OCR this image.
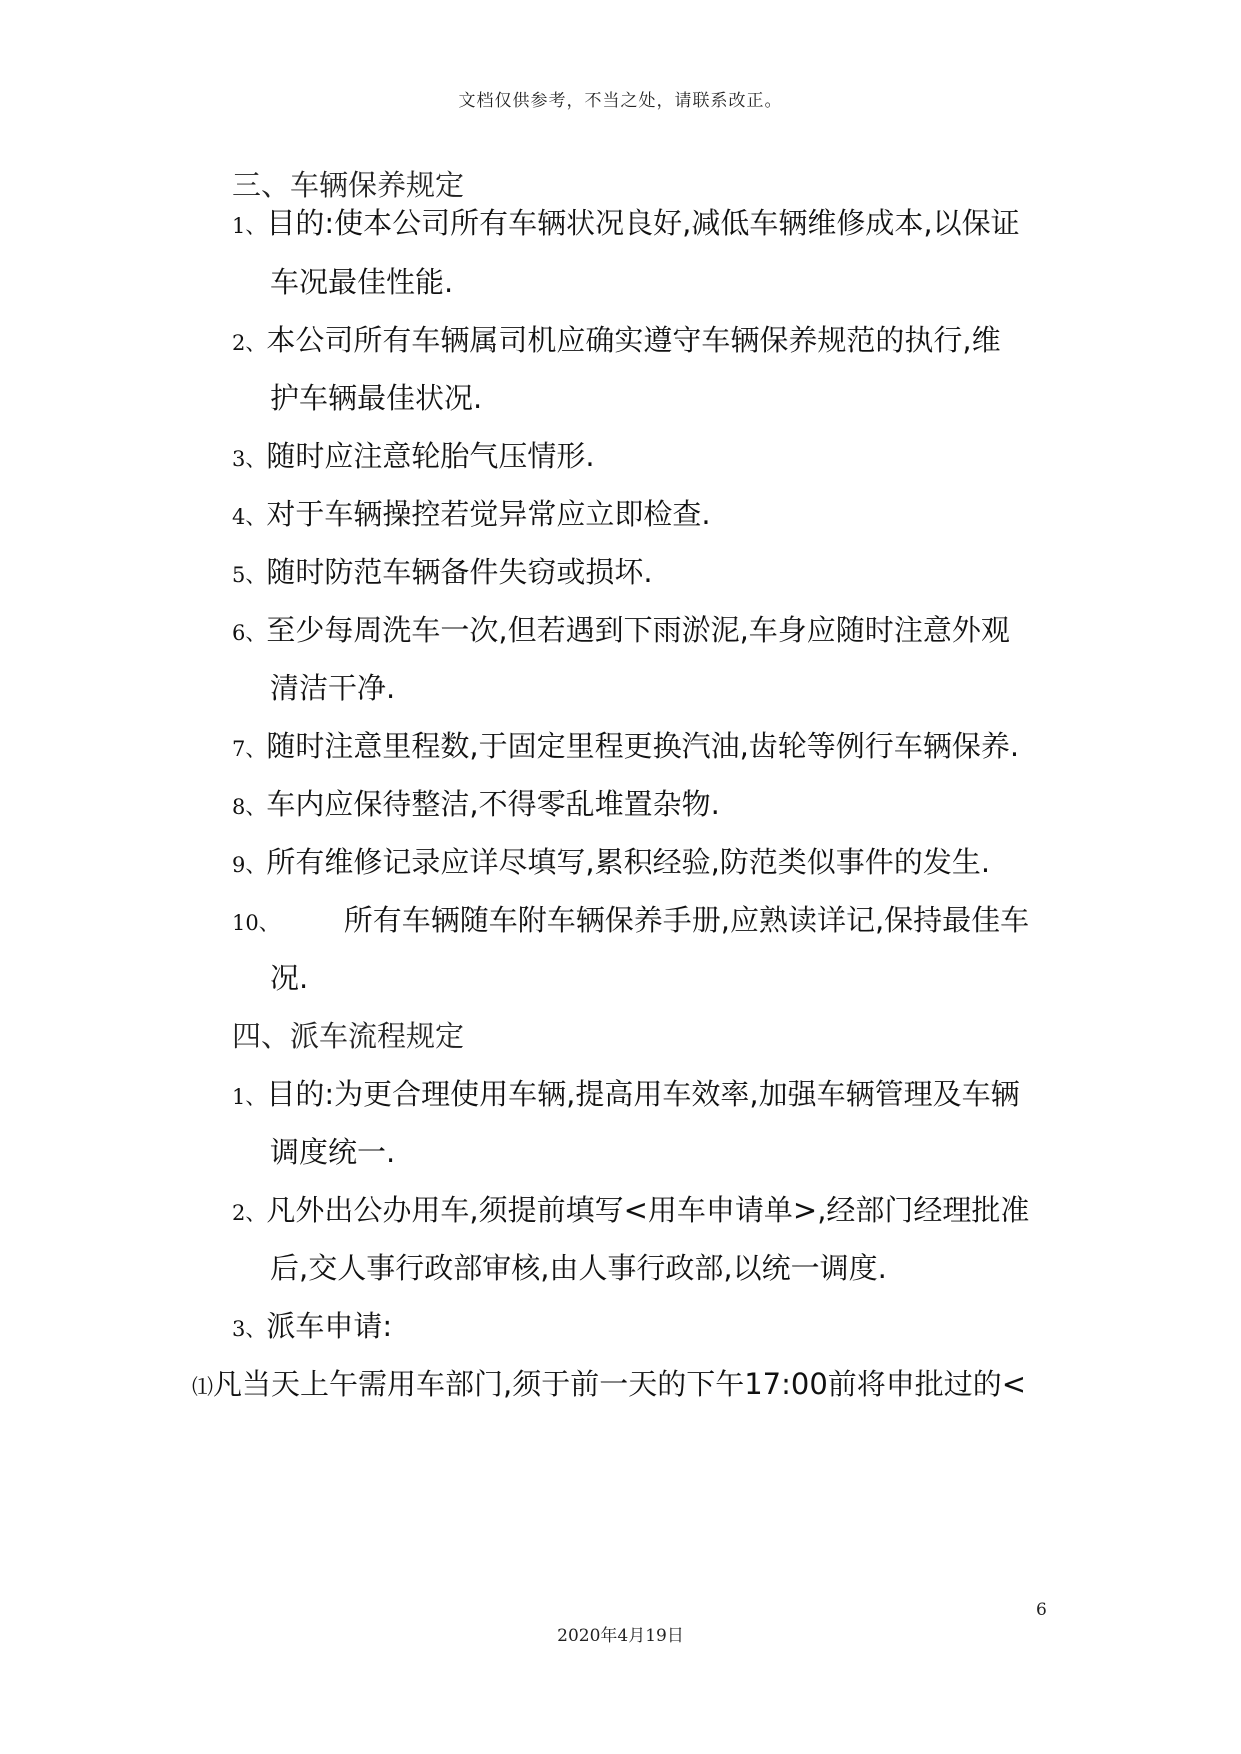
文档仅供参考，不当之处，请联系改正。
三、车辆保养规定
1、目的:使本公司所有车辆状况良好,减低车辆维修成本,以保证
车况最佳性能.
2、本公司所有车辆属司机应确实遵守车辆保养规范的执行,维
护车辆最佳状况.
3、随时应注意轮胎气压情形.
4、对于车辆操控若觉异常应立即检查.
5、随时防范车辆备件失窃或损坏.
6、至少每周洗车一次,但若遇到下雨淤泥,车身应随时注意外观
清洁干净.
7、随时注意里程数,于固定里程更换汽油,齿轮等例行车辆保养.
8、车内应保待整洁,不得零乱堆置杂物.
9、所有维修记录应详尽填写,累积经验,防范类似事件的发生.
10、 所有车辆随车附车辆保养手册,应熟读详记,保持最佳车
况.
四、派车流程规定
1、目的:为更合理使用车辆,提高用车效率,加强车辆管理及车辆
调度统一.
2、凡外出公办用车,须提前填写<用车申请单>,经部门经理批准
后,交人事行政部审核,由人事行政部,以统一调度.
3、派车申请:
⑴凡当天上午需用车部门,须于前一天的下午17:00前将申批过的<
6
2020年4月19日
